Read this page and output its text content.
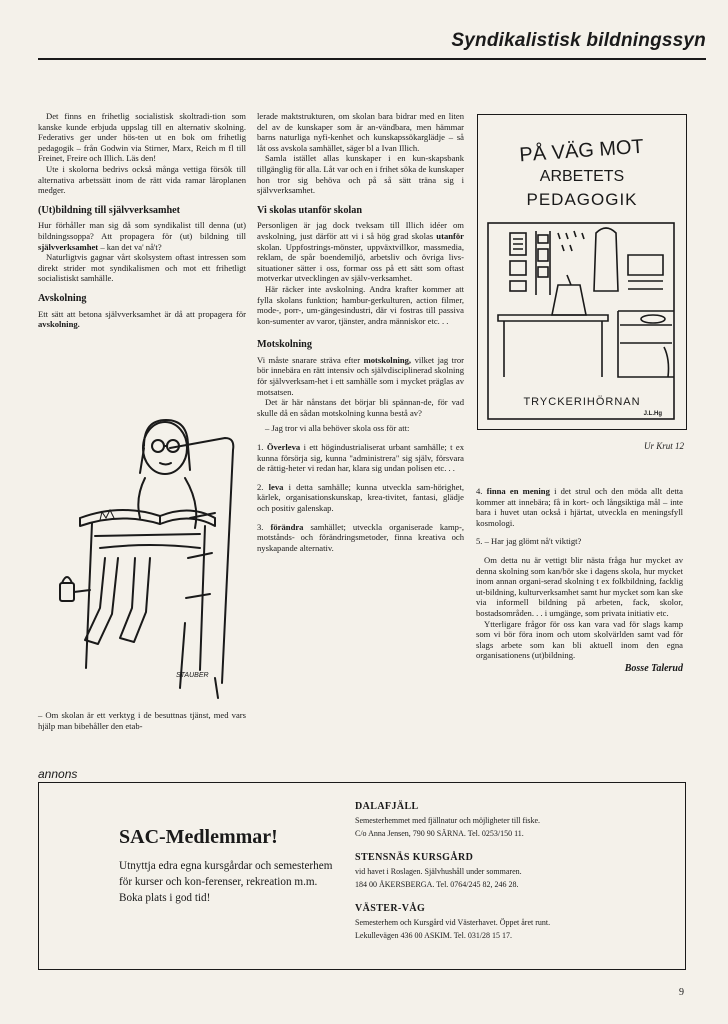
Syndikalistisk bildningssyn

Det finns en frihetlig socialistisk skoltradi-tion som kanske kunde erbjuda uppslag till en alternativ skolning. Federativs ger under hös-ten ut en bok om frihetlig pedagogik – från Godwin via Stirner, Marx, Reich m fl till Freinet, Freire och Illich. Läs den!

Ute i skolorna bedrivs också många vettiga försök till alternativa arbetssätt inom de rätt vida ramar läroplanen medger.

(Ut)bildning till självverksamhet

Hur förhåller man sig då som syndikalist till denna (ut) bildningssoppa? Att propagera för (ut) bildning till självverksamhet – kan det va' nå't?

Naturligtvis gagnar vårt skolsystem oftast intressen som direkt strider mot syndikalismen och mot ett frihetligt socialistiskt samhälle.

Avskolning

Ett sätt att betona självverksamhet är då att propagera för avskolning.

STAUBER
– Om skolan är ett verktyg i de besuttnas tjänst, med vars hjälp man bibehåller den etab-

lerade maktstrukturen, om skolan bara bidrar med en liten del av de kunskaper som är an-vändbara, men hämmar barns naturliga nyfi-kenhet och kunskapssökarglädje – så låt oss avskola samhället, säger bl a Ivan Illich.

Samla istället allas kunskaper i en kun-skapsbank tillgänglig för alla. Låt var och en i frihet söka de kunskaper hon tror sig behöva och på så sätt träna sig i självverksamhet.

Vi skolas utanför skolan

Personligen är jag dock tveksam till Illich idéer om avskolning, just därför att vi i så hög grad skolas utanför skolan. Uppfostrings-mönster, uppväxtvillkor, massmedia, reklam, de spår boendemiljö, arbetsliv och övriga livs-situationer sätter i oss, formar oss på ett sätt som oftast motverkar utvecklingen av själv-verksamhet.

Här räcker inte avskolning. Andra krafter kommer att fylla skolans funktion; hambur-gerkulturen, action filmer, mode-, porr-, um-gängesindustri, där vi fostras till passiva kon-sumenter av varor, tjänster, andra människor etc. . .

Motskolning

Vi måste snarare sträva efter motskolning, vilket jag tror bör innebära en rätt intensiv och självdisciplinerad skolning för självverksam-het i ett samhälle som i mycket präglas av motsatsen.

Det är här nånstans det börjar bli spännan-de, för vad skulle då en sådan motskolning kunna bestå av?

– Jag tror vi alla behöver skola oss för att:

1. Överleva i ett högindustrialiserat urbant samhälle; t ex kunna försörja sig, kunna "administrera" sig själv, försvara de rättig-heter vi redan har, klara sig undan polisen etc. . .

2. leva i detta samhälle; kunna utveckla sam-hörighet, kärlek, organisationskunskap, krea-tivitet, fantasi, glädje och positiv galenskap.

3. förändra samhället; utveckla organiserade kamp-, motstånds- och förändringsmetoder, finna kreativa och nyskapande alternativ.

PÅ VÄG MOT
ARBETETS
PEDAGOGIK
TRYCKERIHÖRNAN
J.L.Hg
Ur Krut 12

4. finna en mening i det strul och den möda allt detta kommer att innebära; få in kort- och långsiktiga mål – inte bara i huvet utan också i hjärtat, utveckla en meningsfyll kosmologi.

5. – Har jag glömt nå't viktigt?

Om detta nu är vettigt blir nästa fråga hur mycket av denna skolning som kan/bör ske i dagens skola, hur mycket inom annan organi-serad skolning t ex folkbildning, facklig ut-bildning, kulturverksamhet samt hur mycket som kan ske via informell bildning på arbeten, fack, skolor, bostadsområden. . . i umgänge, som privata initiativ etc.

Ytterligare frågor för oss kan vara vad för slags kamp som vi bör föra inom och utom skolvärlden samt vad för slags arbete som kan bli aktuell inom den egna organisationens (ut)bildning.

Bosse Talerud

annons
SAC-Medlemmar!
Utnyttja edra egna kursgårdar och semesterhem för kurser och kon-ferenser, rekreation m.m. Boka plats i god tid!
DALAFJÄLL
Semesterhemmet med fjällnatur och möjligheter till fiske.
C/o Anna Jensen, 790 90 SÄRNA. Tel. 0253/150 11.
STENSNÄS KURSGÅRD
vid havet i Roslagen. Självhushåll under sommaren.
184 00 ÅKERSBERGA. Tel. 0764/245 82, 246 28.
VÄSTER-VÅG
Semesterhem och Kursgård vid Västerhavet. Öppet året runt.
Lekullevägen 436 00 ASKIM. Tel. 031/28 15 17.
9
